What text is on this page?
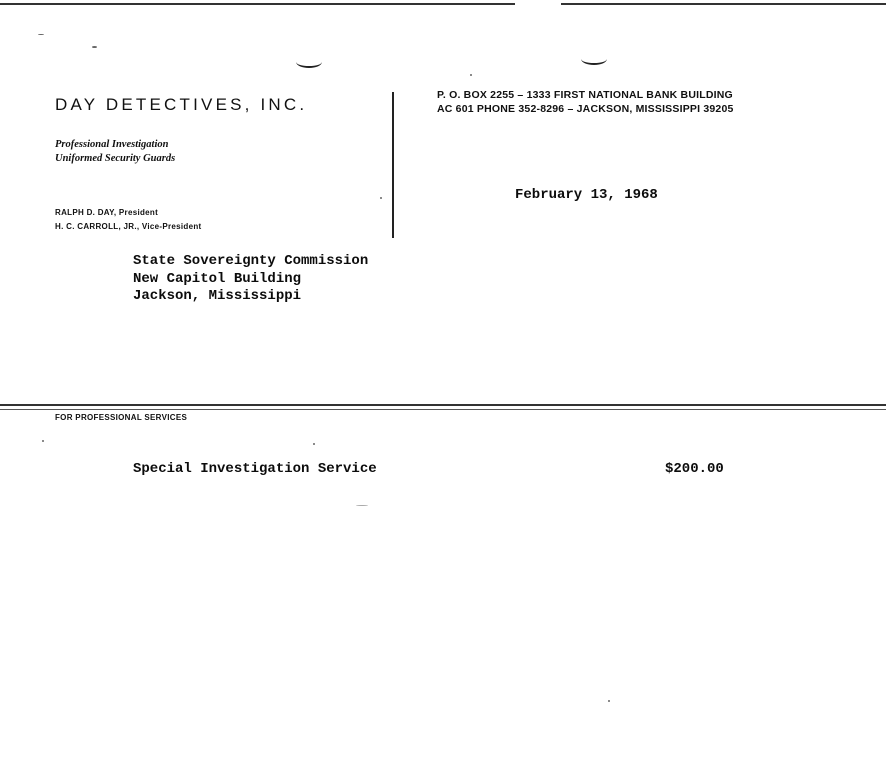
DAY DETECTIVES, INC.
Professional Investigation
Uniformed Security Guards
RALPH D. DAY, President
H. C. CARROLL, JR., Vice-President
P. O. BOX 2255 – 1333 FIRST NATIONAL BANK BUILDING
AC 601 PHONE 352-8296 – JACKSON, MISSISSIPPI 39205
February 13, 1968
State Sovereignty Commission
New Capitol Building
Jackson, Mississippi
FOR PROFESSIONAL SERVICES
Special Investigation Service	$200.00
